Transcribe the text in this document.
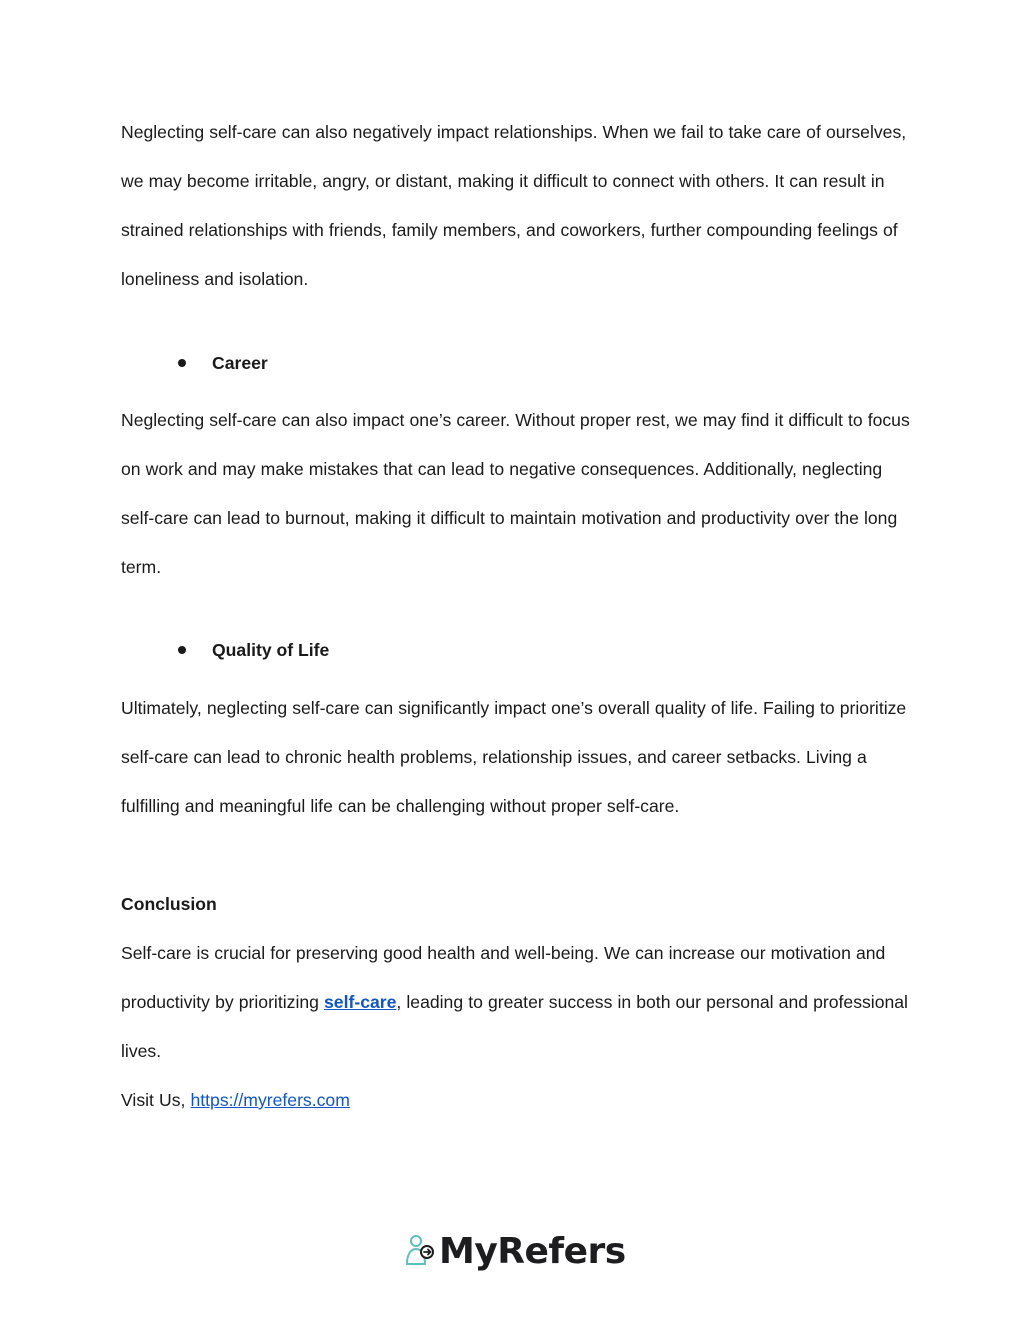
Neglecting self-care can also negatively impact relationships. When we fail to take care of ourselves, we may become irritable, angry, or distant, making it difficult to connect with others. It can result in strained relationships with friends, family members, and coworkers, further compounding feelings of loneliness and isolation.

Career

Neglecting self-care can also impact one’s career. Without proper rest, we may find it difficult to focus on work and may make mistakes that can lead to negative consequences. Additionally, neglecting self-care can lead to burnout, making it difficult to maintain motivation and productivity over the long term.

Quality of Life

Ultimately, neglecting self-care can significantly impact one’s overall quality of life. Failing to prioritize self-care can lead to chronic health problems, relationship issues, and career setbacks. Living a fulfilling and meaningful life can be challenging without proper self-care.

Conclusion

Self-care is crucial for preserving good health and well-being. We can increase our motivation and productivity by prioritizing self-care, leading to greater success in both our personal and professional lives.

Visit Us, https://myrefers.com

MyRefers
